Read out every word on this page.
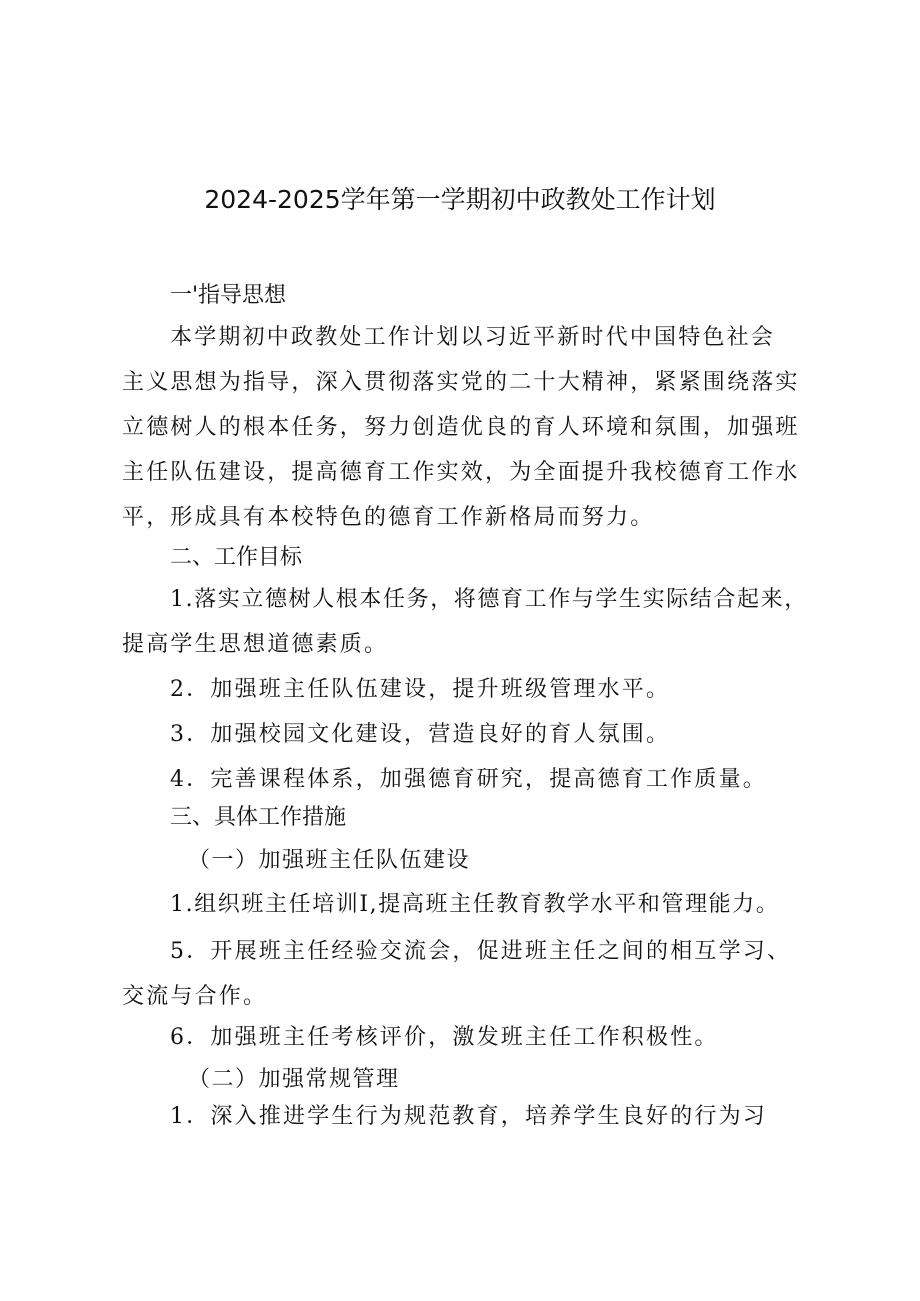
2024-2025学年第一学期初中政教处工作计划
一'指导思想
本学期初中政教处工作计划以习近平新时代中国特色社会
主义思想为指导，深入贯彻落实党的二十大精神，紧紧围绕落实
立德树人的根本任务，努力创造优良的育人环境和氛围，加强班
主任队伍建设，提高德育工作实效，为全面提升我校德育工作水
平，形成具有本校特色的德育工作新格局而努力。
二、工作目标
1.落实立德树人根本任务，将德育工作与学生实际结合起来，
提高学生思想道德素质。
2．加强班主任队伍建设，提升班级管理水平。
3．加强校园文化建设，营造良好的育人氛围。
4．完善课程体系，加强德育研究，提高德育工作质量。
三、具体工作措施
（一）加强班主任队伍建设
1.组织班主任培训I,提高班主任教育教学水平和管理能力。
5．开展班主任经验交流会，促进班主任之间的相互学习、
交流与合作。
6．加强班主任考核评价，激发班主任工作积极性。
（二）加强常规管理
1．深入推进学生行为规范教育，培养学生良好的行为习
